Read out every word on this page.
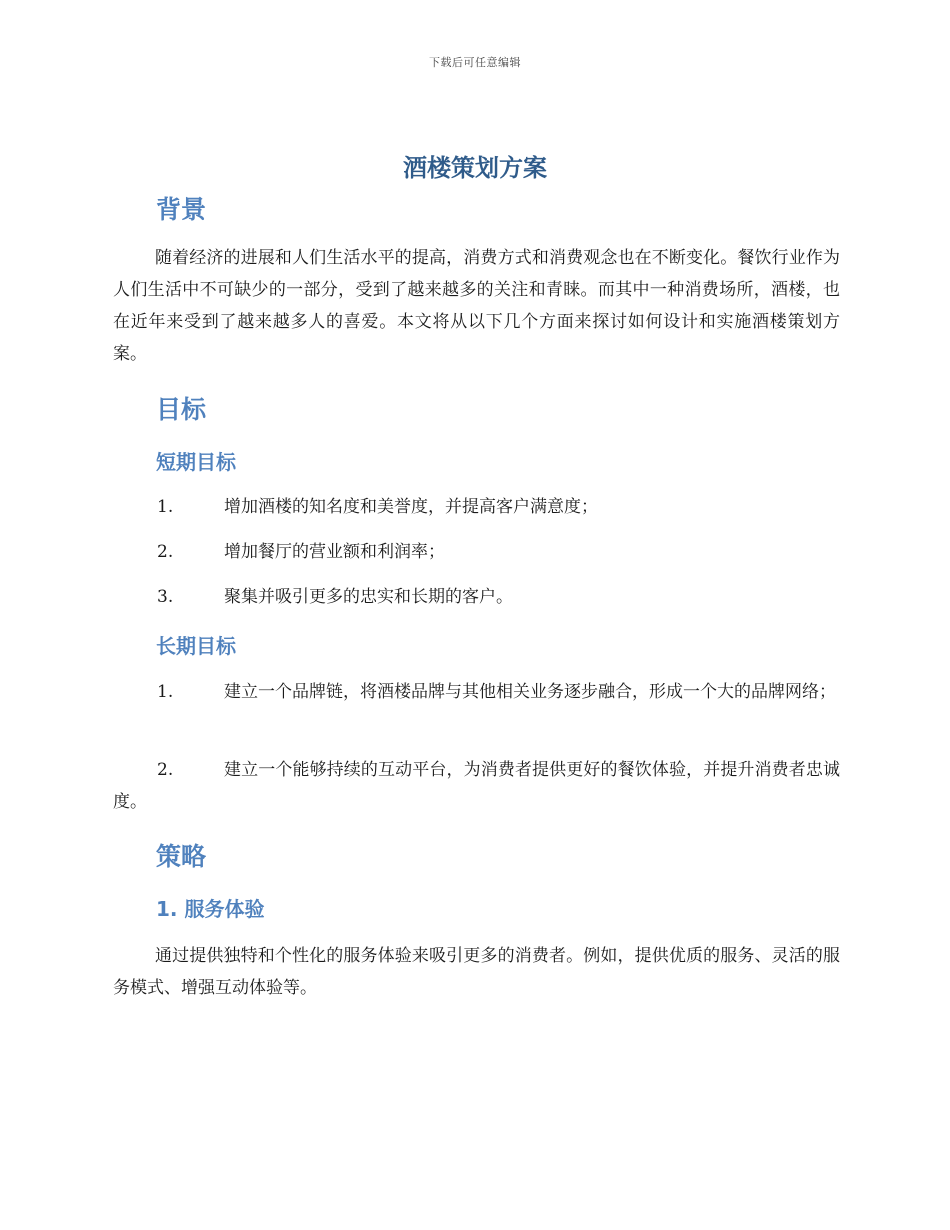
下载后可任意编辑
酒楼策划方案
背景

随着经济的进展和人们生活水平的提高，消费方式和消费观念也在不断变化。餐饮行业作为人们生活中不可缺少的一部分，受到了越来越多的关注和青睐。而其中一种消费场所，酒楼，也在近年来受到了越来越多人的喜爱。本文将从以下几个方面来探讨如何设计和实施酒楼策划方案。

目标
短期目标
1.	增加酒楼的知名度和美誉度，并提高客户满意度；
2.	增加餐厅的营业额和利润率；
3.	聚集并吸引更多的忠实和长期的客户。
长期目标
1.	建立一个品牌链，将酒楼品牌与其他相关业务逐步融合，形成一个大的品牌网络；
2.	建立一个能够持续的互动平台，为消费者提供更好的餐饮体验，并提升消费者忠诚度。
策略
1. 服务体验

通过提供独特和个性化的服务体验来吸引更多的消费者。例如，提供优质的服务、灵活的服务模式、增强互动体验等。
